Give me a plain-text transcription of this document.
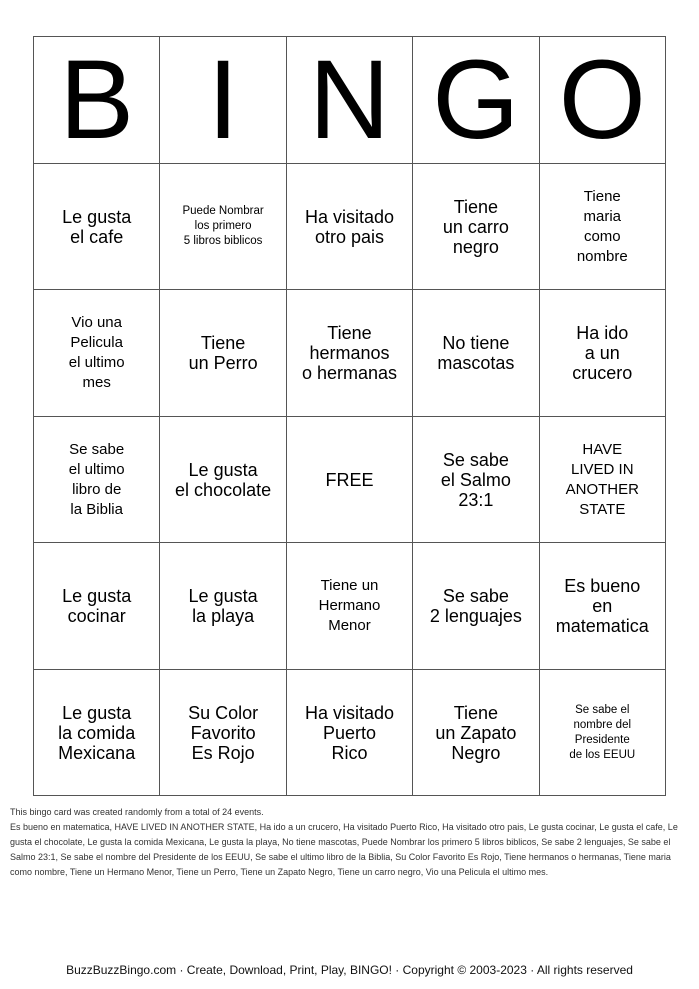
B	I	N	G	O

Le gusta
el cafe	Puede Nombrar
los primero
5 libros biblicos	Ha visitado
otro pais	Tiene
un carro
negro	Tiene
maria
como
nombre

Vio una
Pelicula
el ultimo
mes	Tiene
un Perro	Tiene
hermanos
o hermanas	No tiene
mascotas	Ha ido
a un
crucero

Se sabe
el ultimo
libro de
la Biblia	Le gusta
el chocolate	FREE	Se sabe
el Salmo
23:1	HAVE
LIVED IN
ANOTHER
STATE

Le gusta
cocinar	Le gusta
la playa	Tiene un
Hermano
Menor	Se sabe
2 lenguajes	Es bueno
en
matematica

Le gusta
la comida
Mexicana	Su Color
Favorito
Es Rojo	Ha visitado
Puerto
Rico	Tiene
un Zapato
Negro	Se sabe el
nombre del
Presidente
de los EEUU

This bingo card was created randomly from a total of 24 events.

Es bueno en matematica, HAVE LIVED IN ANOTHER STATE, Ha ido a un crucero, Ha visitado Puerto Rico, Ha visitado otro pais, Le gusta cocinar, Le gusta el cafe, Le gusta el chocolate, Le gusta la comida Mexicana, Le gusta la playa, No tiene mascotas, Puede Nombrar los primero 5 libros biblicos, Se sabe 2 lenguajes, Se sabe el Salmo 23:1, Se sabe el nombre del Presidente de los EEUU, Se sabe el ultimo libro de la Biblia, Su Color Favorito Es Rojo, Tiene hermanos o hermanas, Tiene maria como nombre, Tiene un Hermano Menor, Tiene un Perro, Tiene un Zapato Negro, Tiene un carro negro, Vio una Pelicula el ultimo mes.

BuzzBuzzBingo.com · Create, Download, Print, Play, BINGO! · Copyright © 2003-2023 · All rights reserved
